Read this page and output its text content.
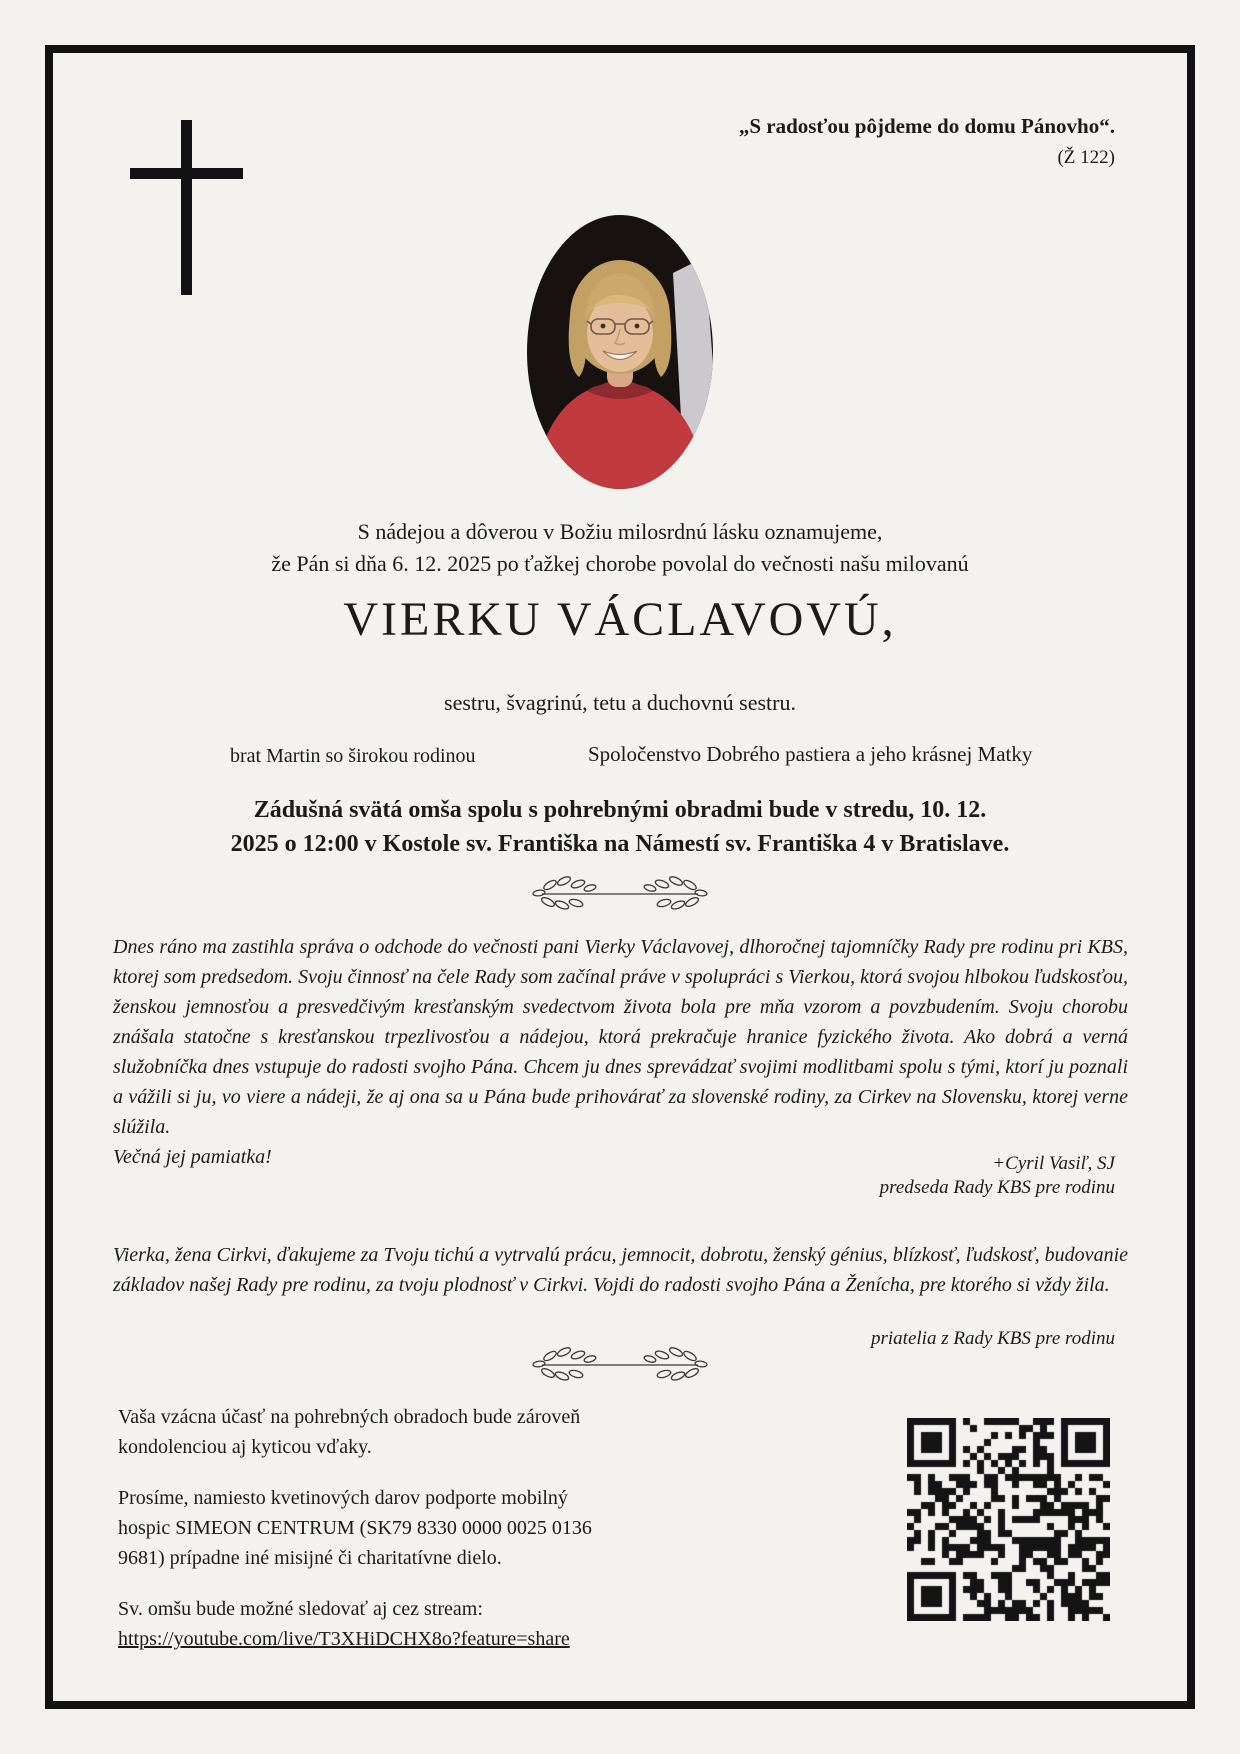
„S radosťou pôjdeme do domu Pánovho“.
(Ž 122)
S nádejou a dôverou v Božiu milosrdnú lásku oznamujeme,
že Pán si dňa 6. 12. 2025 po ťažkej chorobe povolal do večnosti našu milovanú
VIERKU VÁCLAVOVÚ,
sestru, švagrinú, tetu a duchovnú sestru.
brat Martin so širokou rodinou	Spoločenstvo Dobrého pastiera a jeho krásnej Matky
Zádušná svätá omša spolu s pohrebnými obradmi bude v stredu, 10. 12.
2025 o 12:00 v Kostole sv. Františka na Námestí sv. Františka 4 v Bratislave.
Dnes ráno ma zastihla správa o odchode do večnosti pani Vierky Václavovej, dlhoročnej tajomníčky Rady pre rodinu pri KBS, ktorej som predsedom. Svoju činnosť na čele Rady som začínal práve v spolupráci s Vierkou, ktorá svojou hlbokou ľudskosťou, ženskou jemnosťou a presvedčivým kresťanským svedectvom života bola pre mňa vzorom a povzbudením. Svoju chorobu znášala statočne s kresťanskou trpezlivosťou a nádejou, ktorá prekračuje hranice fyzického života. Ako dobrá a verná služobníčka dnes vstupuje do radosti svojho Pána. Chcem ju dnes sprevádzať svojimi modlitbami spolu s tými, ktorí ju poznali a vážili si ju, vo viere a nádeji, že aj ona sa u Pána bude prihovárať za slovenské rodiny, za Cirkev na Slovensku, ktorej verne slúžila.
Večná jej pamiatka!	+Cyril Vasiľ, SJ
predseda Rady KBS pre rodinu
Vierka, žena Cirkvi, ďakujeme za Tvoju tichú a vytrvalú prácu, jemnocit, dobrotu, ženský génius, blízkosť, ľudskosť, budovanie základov našej Rady pre rodinu, za tvoju plodnosť v Cirkvi. Vojdi do radosti svojho Pána a Ženícha, pre ktorého si vždy žila.
priatelia z Rady KBS pre rodinu

Vaša vzácna účasť na pohrebných obradoch bude zároveň kondolenciou aj kyticou vďaky.

Prosíme, namiesto kvetinových darov podporte mobilný hospic SIMEON CENTRUM (SK79 8330 0000 0025 0136 9681) prípadne iné misijné či charitatívne dielo.

Sv. omšu bude možné sledovať aj cez stream:
https://youtube.com/live/T3XHiDCHX8o?feature=share
